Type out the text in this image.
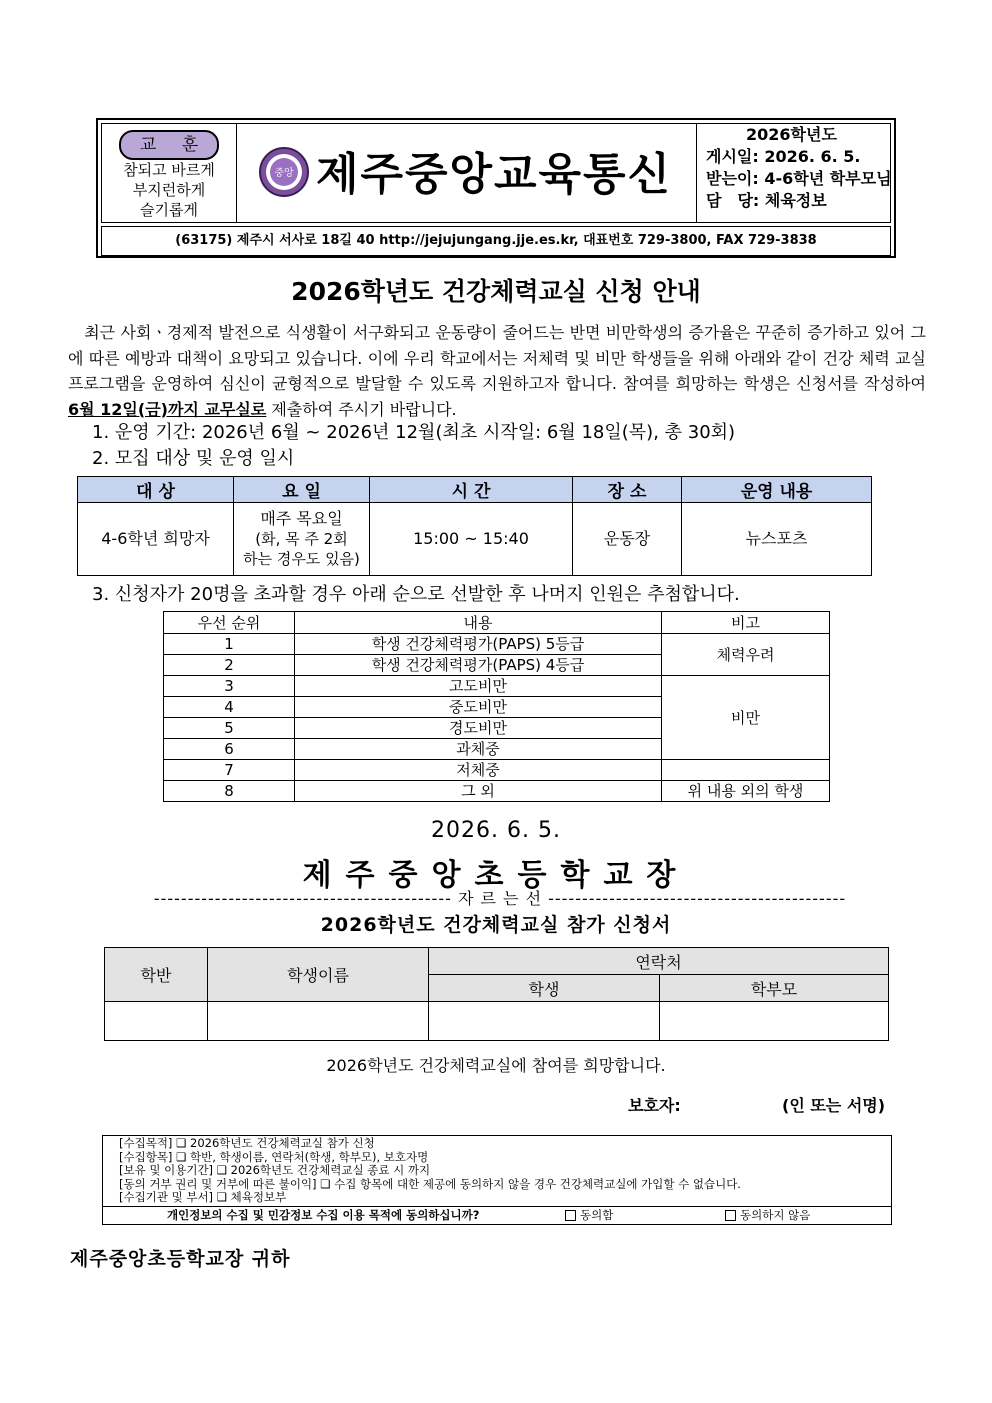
교 훈
참되고 바르게
부지런하게
슬기롭게
중앙 제주중앙교육통신
2026학년도
게시일: 2026. 6. 5.
받는이: 4-6학년 학부모님
담　당: 체육정보
(63175) 제주시 서사로 18길 40 http://jejujungang.jje.es.kr, 대표번호 729-3800, FAX 729-3838
2026학년도 건강체력교실 신청 안내
　최근 사회ㆍ경제적 발전으로 식생활이 서구화되고 운동량이 줄어드는 반면 비만학생의 증가율은 꾸준히 증가하고 있어 그에 따른 예방과 대책이 요망되고 있습니다. 이에 우리 학교에서는 저체력 및 비만 학생들을 위해 아래와 같이 건강 체력 교실 프로그램을 운영하여 심신이 균형적으로 발달할 수 있도록 지원하고자 합니다. 참여를 희망하는 학생은 신청서를 작성하여 6월 12일(금)까지 교무실로 제출하여 주시기 바랍니다.
1. 운영 기간: 2026년 6월 ~ 2026년 12월(최초 시작일: 6월 18일(목), 총 30회)
2. 모집 대상 및 운영 일시
대 상	요 일	시 간	장 소	운영 내용
4-6학년 희망자	매주 목요일
(화, 목 주 2회
하는 경우도 있음)	15:00 ~ 15:40	운동장	뉴스포츠
3. 신청자가 20명을 초과할 경우 아래 순으로 선발한 후 나머지 인원은 추첨합니다.
우선 순위	내용	비고
1	학생 건강체력평가(PAPS) 5등급	체력우려
2	학생 건강체력평가(PAPS) 4등급	
3	고도비만	비만
4	중도비만	
5	경도비만	
6	과체중	
7	저체중	
8	그 외	위 내용 외의 학생
2026. 6. 5.
제주중앙초등학교장
-------------------------------------------- 자 르 는 선 --------------------------------------------
2026학년도 건강체력교실 참가 신청서
학반	학생이름	연락처	
		학생	학부모

2026학년도 건강체력교실에 참여를 희망합니다.
보호자:	(인 또는 서명)
[수집목적] ❑ 2026학년도 건강체력교실 참가 신청
[수집항목] ❑ 학반, 학생이름, 연락처(학생, 학부모), 보호자명
[보유 및 이용기간] ❑ 2026학년도 건강체력교실 종료 시 까지
[동의 거부 권리 및 거부에 따른 불이익] ❑ 수집 항목에 대한 제공에 동의하지 않을 경우 건강체력교실에 가입할 수 없습니다.
[수집기관 및 부서] ❑ 체육정보부
개인정보의 수집 및 민감정보 수집 이용 목적에 동의하십니까?	동의함	동의하지 않음
제주중앙초등학교장 귀하
